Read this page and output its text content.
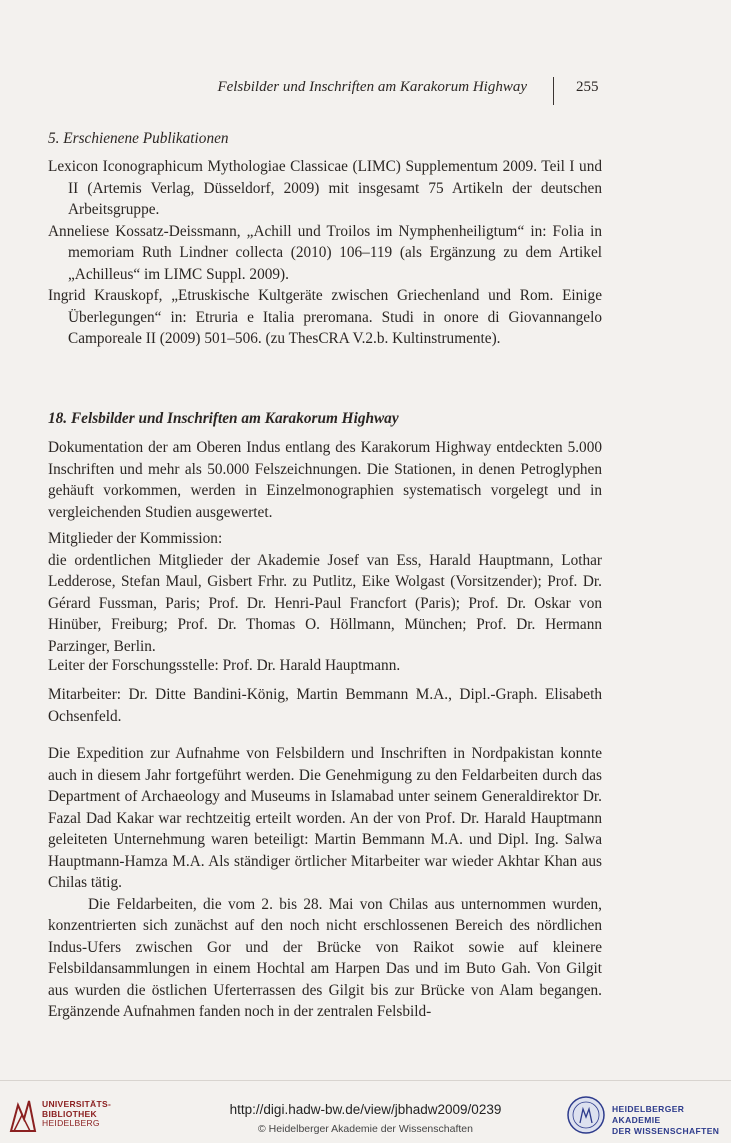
Felsbilder und Inschriften am Karakorum Highway	255

5. Erschienene Publikationen

Lexicon Iconographicum Mythologiae Classicae (LIMC) Supplementum 2009. Teil I und II (Artemis Verlag, Düsseldorf, 2009) mit insgesamt 75 Artikeln der deutschen Arbeitsgruppe.

Anneliese Kossatz-Deissmann, „Achill und Troilos im Nymphenheiligtum“ in: Folia in memoriam Ruth Lindner collecta (2010) 106–119 (als Ergänzung zu dem Artikel „Achilleus“ im LIMC Suppl. 2009).

Ingrid Krauskopf, „Etruskische Kultgeräte zwischen Griechenland und Rom. Einige Überlegungen“ in: Etruria e Italia preromana. Studi in onore di Giovannangelo Camporeale II (2009) 501–506. (zu ThesCRA V.2.b. Kultinstrumente).

18. Felsbilder und Inschriften am Karakorum Highway

Dokumentation der am Oberen Indus entlang des Karakorum Highway entdeckten 5.000 Inschriften und mehr als 50.000 Felszeichnungen. Die Stationen, in denen Petroglyphen gehäuft vorkommen, werden in Einzelmonographien systematisch vorgelegt und in vergleichenden Studien ausgewertet.

Mitglieder der Kommission:

die ordentlichen Mitglieder der Akademie Josef van Ess, Harald Hauptmann, Lothar Ledderose, Stefan Maul, Gisbert Frhr. zu Putlitz, Eike Wolgast (Vorsitzender); Prof. Dr. Gérard Fussman, Paris; Prof. Dr. Henri-Paul Francfort (Paris); Prof. Dr. Oskar von Hinüber, Freiburg; Prof. Dr. Thomas O. Höllmann, München; Prof. Dr. Hermann Parzinger, Berlin.

Leiter der Forschungsstelle: Prof. Dr. Harald Hauptmann.

Mitarbeiter: Dr. Ditte Bandini-König, Martin Bemmann M.A., Dipl.-Graph. Elisabeth Ochsenfeld.

Die Expedition zur Aufnahme von Felsbildern und Inschriften in Nordpakistan konnte auch in diesem Jahr fortgeführt werden. Die Genehmigung zu den Feldarbeiten durch das Department of Archaeology and Museums in Islamabad unter seinem Generaldirektor Dr. Fazal Dad Kakar war rechtzeitig erteilt worden. An der von Prof. Dr. Harald Hauptmann geleiteten Unternehmung waren beteiligt: Martin Bemmann M.A. und Dipl. Ing. Salwa Hauptmann-Hamza M.A. Als ständiger örtlicher Mitarbeiter war wieder Akhtar Khan aus Chilas tätig.

Die Feldarbeiten, die vom 2. bis 28. Mai von Chilas aus unternommen wurden, konzentrierten sich zunächst auf den noch nicht erschlossenen Bereich des nördlichen Indus-Ufers zwischen Gor und der Brücke von Raikot sowie auf kleinere Felsbildansammlungen in einem Hochtal am Harpen Das und im Buto Gah. Von Gilgit aus wurden die östlichen Uferterrassen des Gilgit bis zur Brücke von Alam begangen. Ergänzende Aufnahmen fanden noch in der zentralen Felsbild-

UNIVERSITÄTS-
BIBLIOTHEK
HEIDELBERG
http://digi.hadw-bw.de/view/jbhadw2009/0239
© Heidelberger Akademie der Wissenschaften
HEIDELBERGER AKADEMIE
DER WISSENSCHAFTEN
